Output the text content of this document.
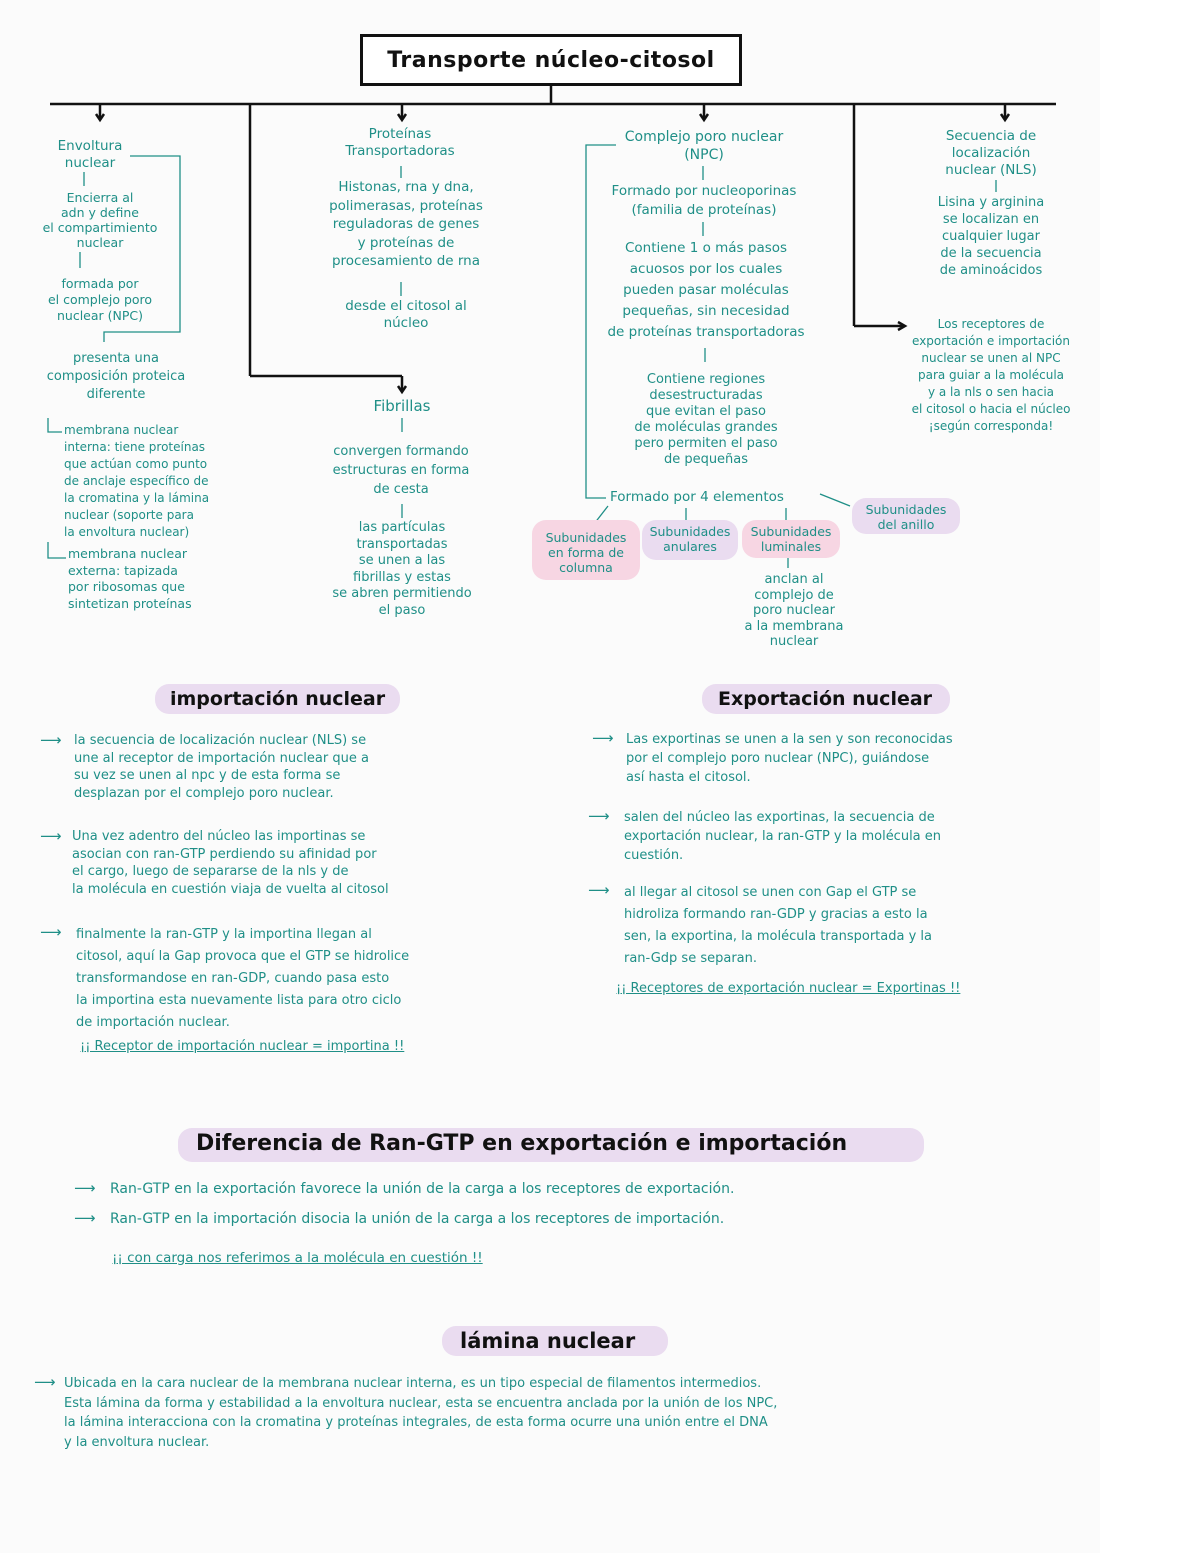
Transporte núcleo-citosol
Envoltura
nuclear
Encierra al
adn y define
el compartimiento
nuclear
formada por
el complejo poro
nuclear (NPC)
presenta una
composición proteica
diferente
membrana nuclear
interna: tiene proteínas
que actúan como punto
de anclaje específico de
la cromatina y la lámina
nuclear (soporte para
la envoltura nuclear)
membrana nuclear
externa: tapizada
por ribosomas que
sintetizan proteínas
Proteínas
Transportadoras
Histonas, rna y dna,
polimerasas, proteínas
reguladoras de genes
y proteínas de
procesamiento de rna
desde el citosol al
núcleo
Fibrillas
convergen formando
estructuras en forma
de cesta
las partículas
transportadas
se unen a las
fibrillas y estas
se abren permitiendo
el paso
Complejo poro nuclear
(NPC)
Formado por nucleoporinas
(familia de proteínas)
Contiene 1 o más pasos
acuosos por los cuales
pueden pasar moléculas
pequeñas, sin necesidad
de proteínas transportadoras
Contiene regiones
desestructuradas
que evitan el paso
de moléculas grandes
pero permiten el paso
de pequeñas
Formado por 4 elementos
Subunidades
en forma de
columna
Subunidades
anulares
Subunidades
luminales
Subunidades
del anillo
anclan al
complejo de
poro nuclear
a la membrana
nuclear
Secuencia de
localización
nuclear (NLS)
Lisina y arginina
se localizan en
cualquier lugar
de la secuencia
de aminoácidos
Los receptores de
exportación e importación
nuclear se unen al NPC
para guiar a la molécula
y a la nls o sen hacia
el citosol o hacia el núcleo
¡según corresponda!
importación nuclear
⟶ la secuencia de localización nuclear (NLS) se
une al receptor de importación nuclear que a
su vez se unen al npc y de esta forma se
desplazan por el complejo poro nuclear.
⟶ Una vez adentro del núcleo las importinas se
asocian con ran-GTP perdiendo su afinidad por
el cargo, luego de separarse de la nls y de
la molécula en cuestión viaja de vuelta al citosol
⟶ finalmente la ran-GTP y la importina llegan al
citosol, aquí la Gap provoca que el GTP se hidrolice
transformandose en ran-GDP, cuando pasa esto
la importina esta nuevamente lista para otro ciclo
de importación nuclear.
¡¡ Receptor de importación nuclear = importina !!
Exportación nuclear
⟶ Las exportinas se unen a la sen y son reconocidas
por el complejo poro nuclear (NPC), guiándose
así hasta el citosol.
⟶ salen del núcleo las exportinas, la secuencia de
exportación nuclear, la ran-GTP y la molécula en
cuestión.
⟶ al llegar al citosol se unen con Gap el GTP se
hidroliza formando ran-GDP y gracias a esto la
sen, la exportina, la molécula transportada y la
ran-Gdp se separan.
¡¡ Receptores de exportación nuclear = Exportinas !!
Diferencia de Ran-GTP en exportación e importación
⟶ Ran-GTP en la exportación favorece la unión de la carga a los receptores de exportación.
⟶ Ran-GTP en la importación disocia la unión de la carga a los receptores de importación.
¡¡ con carga nos referimos a la molécula en cuestión !!
lámina nuclear
⟶ Ubicada en la cara nuclear de la membrana nuclear interna, es un tipo especial de filamentos intermedios.
Esta lámina da forma y estabilidad a la envoltura nuclear, esta se encuentra anclada por la unión de los NPC,
la lámina interacciona con la cromatina y proteínas integrales, de esta forma ocurre una unión entre el DNA
y la envoltura nuclear.
